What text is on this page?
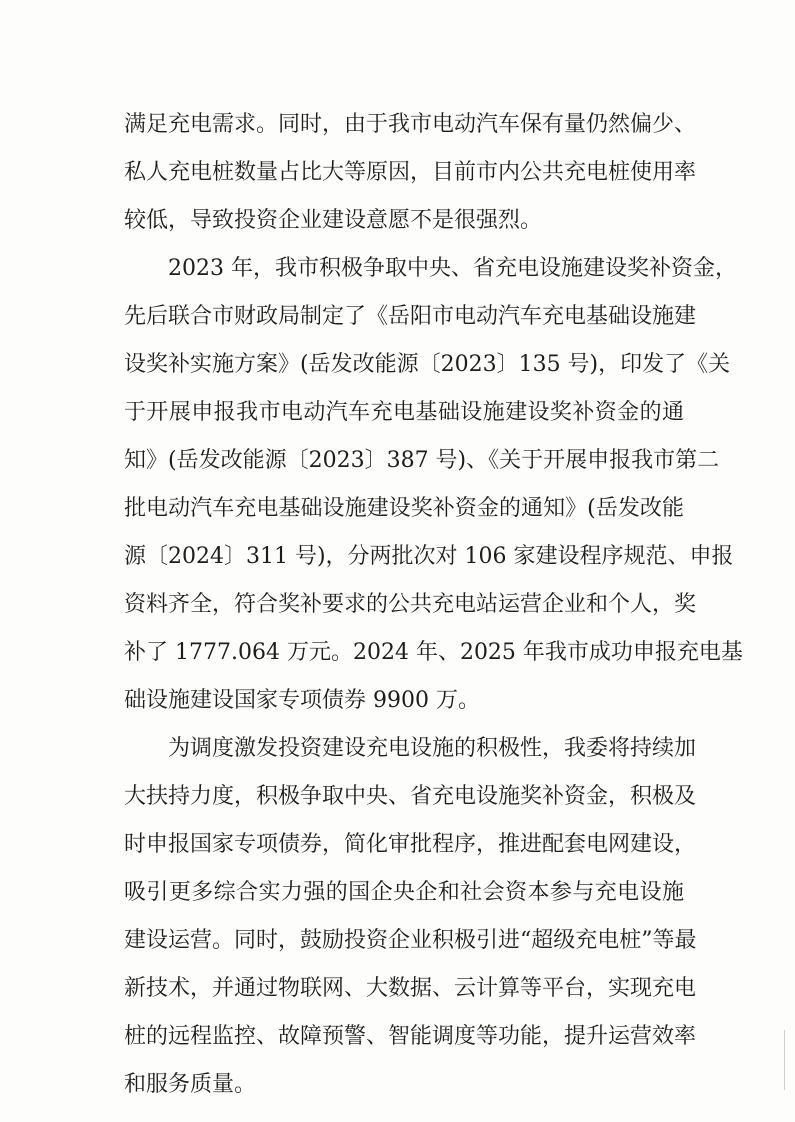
满足充电需求。同时，由于我市电动汽车保有量仍然偏少、
私人充电桩数量占比大等原因，目前市内公共充电桩使用率
较低，导致投资企业建设意愿不是很强烈。
2023 年，我市积极争取中央、省充电设施建设奖补资金，
先后联合市财政局制定了《岳阳市电动汽车充电基础设施建
设奖补实施方案》(岳发改能源〔2023〕135 号)，印发了《关
于开展申报我市电动汽车充电基础设施建设奖补资金的通
知》(岳发改能源〔2023〕387 号)、《关于开展申报我市第二
批电动汽车充电基础设施建设奖补资金的通知》(岳发改能
源〔2024〕311 号)，分两批次对 106 家建设程序规范、申报
资料齐全，符合奖补要求的公共充电站运营企业和个人，奖
补了 1777.064 万元。2024 年、2025 年我市成功申报充电基
础设施建设国家专项债券 9900 万。
为调度激发投资建设充电设施的积极性，我委将持续加
大扶持力度，积极争取中央、省充电设施奖补资金，积极及
时申报国家专项债券，简化审批程序，推进配套电网建设，
吸引更多综合实力强的国企央企和社会资本参与充电设施
建设运营。同时，鼓励投资企业积极引进“超级充电桩”等最
新技术，并通过物联网、大数据、云计算等平台，实现充电
桩的远程监控、故障预警、智能调度等功能，提升运营效率
和服务质量。
